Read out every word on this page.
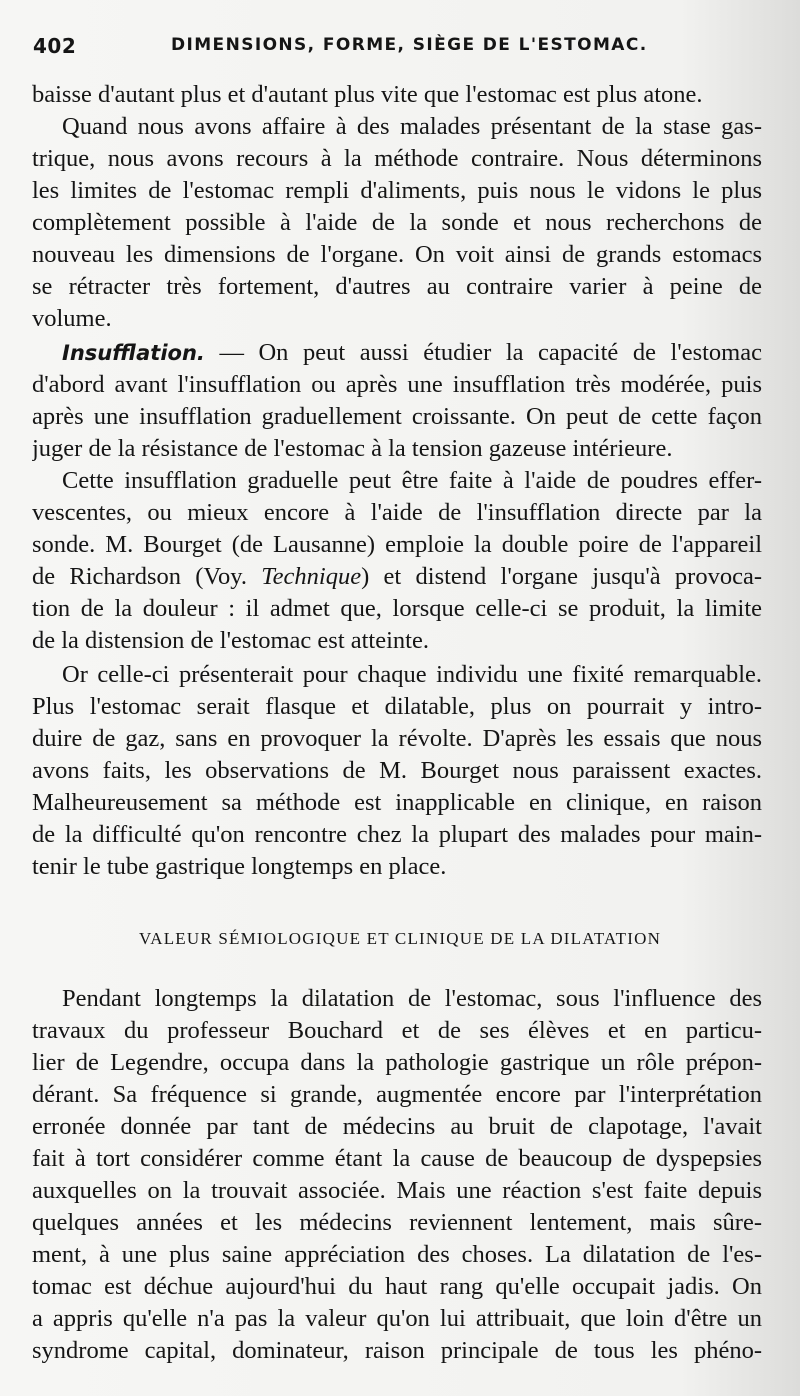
402	DIMENSIONS, FORME, SIÈGE DE L'ESTOMAC.
baisse d'autant plus et d'autant plus vite que l'estomac est plus atone.
Quand nous avons affaire à des malades présentant de la stase gas-
trique, nous avons recours à la méthode contraire. Nous déterminons
les limites de l'estomac rempli d'aliments, puis nous le vidons le plus
complètement possible à l'aide de la sonde et nous recherchons de
nouveau les dimensions de l'organe. On voit ainsi de grands estomacs
se rétracter très fortement, d'autres au contraire varier à peine de
volume.
Insufflation. — On peut aussi étudier la capacité de l'estomac
d'abord avant l'insufflation ou après une insufflation très modérée, puis
après une insufflation graduellement croissante. On peut de cette façon
juger de la résistance de l'estomac à la tension gazeuse intérieure.
Cette insufflation graduelle peut être faite à l'aide de poudres effer-
vescentes, ou mieux encore à l'aide de l'insufflation directe par la
sonde. M. Bourget (de Lausanne) emploie la double poire de l'appareil
de Richardson (Voy. Technique) et distend l'organe jusqu'à provoca-
tion de la douleur : il admet que, lorsque celle-ci se produit, la limite
de la distension de l'estomac est atteinte.
Or celle-ci présenterait pour chaque individu une fixité remarquable.
Plus l'estomac serait flasque et dilatable, plus on pourrait y intro-
duire de gaz, sans en provoquer la révolte. D'après les essais que nous
avons faits, les observations de M. Bourget nous paraissent exactes.
Malheureusement sa méthode est inapplicable en clinique, en raison
de la difficulté qu'on rencontre chez la plupart des malades pour main-
tenir le tube gastrique longtemps en place.
VALEUR SÉMIOLOGIQUE ET CLINIQUE DE LA DILATATION
Pendant longtemps la dilatation de l'estomac, sous l'influence des
travaux du professeur Bouchard et de ses élèves et en particu-
lier de Legendre, occupa dans la pathologie gastrique un rôle prépon-
dérant. Sa fréquence si grande, augmentée encore par l'interprétation
erronée donnée par tant de médecins au bruit de clapotage, l'avait
fait à tort considérer comme étant la cause de beaucoup de dyspepsies
auxquelles on la trouvait associée. Mais une réaction s'est faite depuis
quelques années et les médecins reviennent lentement, mais sûre-
ment, à une plus saine appréciation des choses. La dilatation de l'es-
tomac est déchue aujourd'hui du haut rang qu'elle occupait jadis. On
a appris qu'elle n'a pas la valeur qu'on lui attribuait, que loin d'être un
syndrome capital, dominateur, raison principale de tous les phéno-
